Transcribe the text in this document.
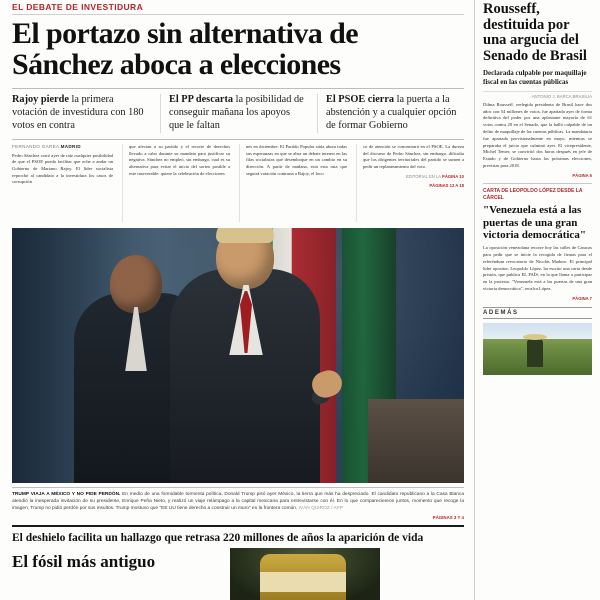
EL DEBATE DE INVESTIDURA
El portazo sin alternativa de
Sánchez aboca a elecciones
Rajoy pierde la primera votación de investidura con 180 votos en contra
El PP descarta la posibilidad de conseguir mañana los apoyos que le faltan
El PSOE cierra la puerta a la abstención y a cualquier opción de formar Gobierno
FERNANDO GAREA MADRID
Pedro Sánchez cortó ayer de raíz cualquier posibilidad de que el PSOE pueda facilitar que eche a andar un Gobierno de Mariano Rajoy. El líder socialista reprochó al candidato a la investidura los casos de corrupción
que afectan a su partido y el recorte de derechos llevado a cabo durante su mandato para justificar su negativa. Sánchez no empleó, sin embargo, cual es su alternativa para evitar el inicio del sorteo posible a este inseverable: quiere la celebración de elecciones
nes en diciembre. El Partido Popular sitúa ahora todas sus esperanzas en que se abra un debate interno en las filas socialistas que desemboque en un cambio en su dirección. A partir de mañana, esta esta ruta que seguirá votación contraria a Rajoy, el foco
co de atención se concentrará en el PSOE. La dureza del discurso de Pedro Sánchez, sin embargo, dificulta que los dirigentes territoriales del partido se sumen a pedir un replanteamiento del voto.
EDITORIAL EN LA PÁGINA 10
PÁGINAS 12 A 18
TRUMP VIAJA A MÉXICO Y NO PIDE PERDÓN. En medio de una formidable tormenta política, Donald Trump pisó ayer México, la tierra que más ha despreciado. El candidato republicano a la Casa Blanca atendió la inesperada invitación de su presidente, Enrique Peña Nieto, y realizó un viaje relámpago a la capital mexicana para entrevistarse con él. En lo que compareciereon juntos, momento que recoge la imagen, Trump no pidió perdón por sus insultos. Trump mostuvo que "EE UU tiene derecho a construir un muro" en la frontera común. IVÁN QUIROZ / AFP
PÁGINAS 3 Y 4
El deshielo facilita un hallazgo que retrasa 220 millones de años la aparición de vida
El fósil más antiguo
Rousseff, destituida por una argucia del Senado de Brasil
Declarada culpable por maquillaje fiscal en las cuentas públicas
ANTONIO J. BARCA BRASILIA
Dilma Rousseff, reelegida presidenta de Brasil hace dos años con 54 millones de votos, fue apartada ayer de forma definitiva del poder por una aplastante mayoría de 61 votos contra 20 en el Senado, que la halló culpable de un delito de maquillaje de las cuentas públicas. La mandataria fue apartada provisionalmente en mayo, mientras se preparaba el juicio que culminó ayer. El vicepresidente, Michel Temer, se convirtió dos horas después en jefe de Estado y de Gobierno hasta las próximas elecciones, previstas para 2018.
PÁGINA 5
CARTA DE LEOPOLDO LÓPEZ DESDE LA CÁRCEL
"Venezuela está a las puertas de una gran victoria democrática"
La oposición venezolana recorre hoy las calles de Caracas para pedir que se inicie la recogida de firmas para el referéndum revocatorio de Nicolás Maduro. El principal líder opositor, Leopoldo López, ha escrito una carta desde prisión, que publica EL PAÍS, en la que llama a participar en la protesta. "Venezuela está a las puertas de una gran victoria democrática", recalca López.
PÁGINA 7
ADEMÁS
